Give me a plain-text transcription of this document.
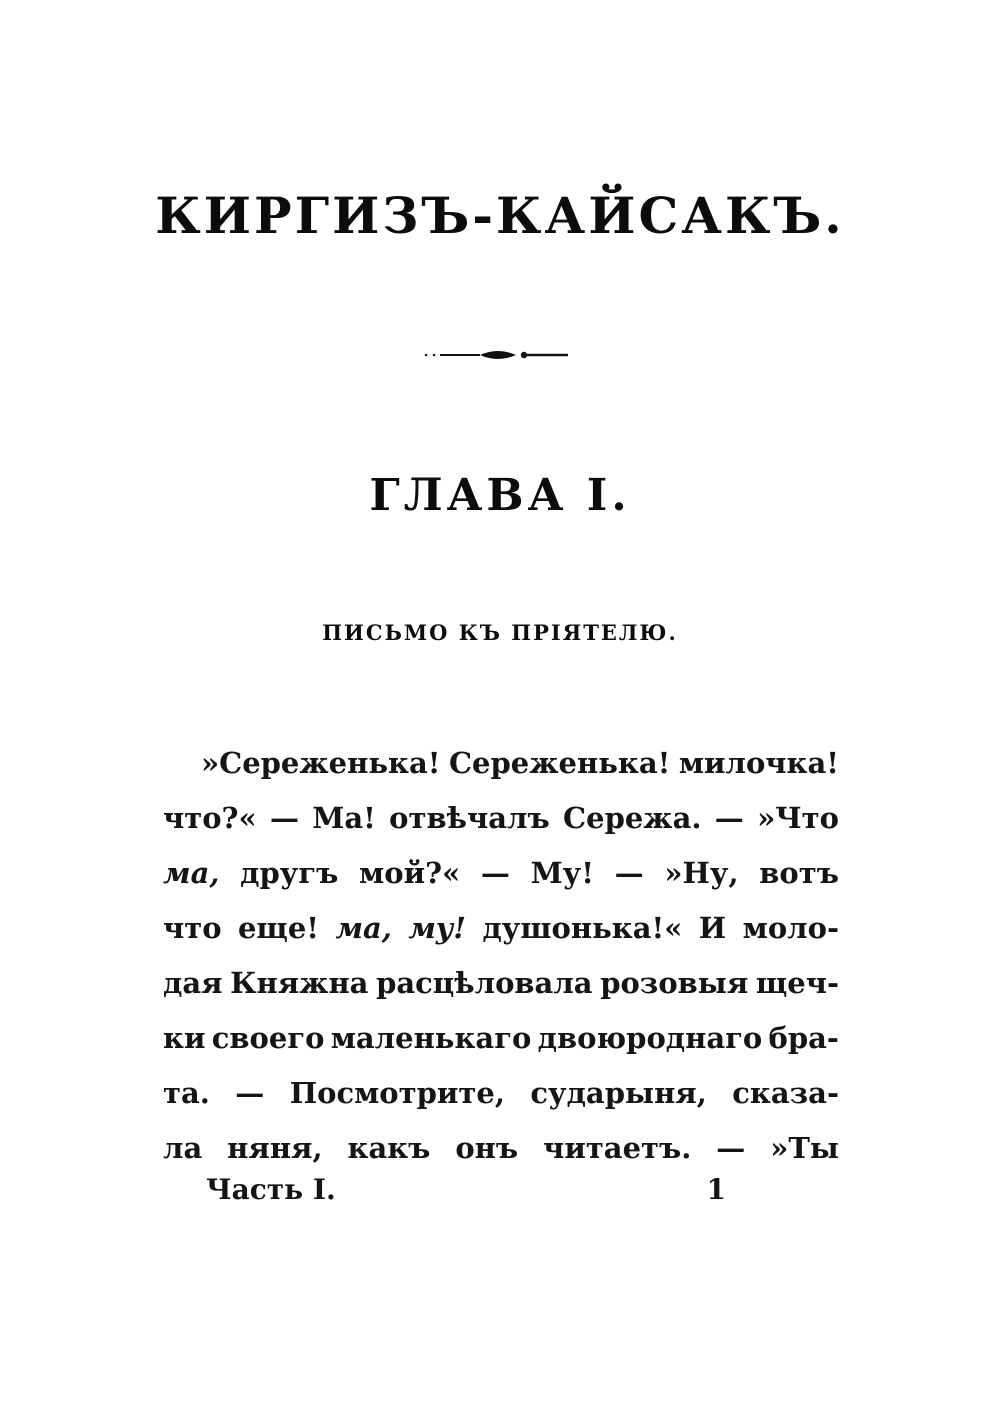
КИРГИЗЪ-КАЙСАКЪ.
ГЛАВА I.
ПИСЬМО КЪ ПРІЯТЕЛЮ.
»Сереженька! Сереженька! милочка!
что?« — Ма! отвѣчалъ Сережа. — »Что
ма, другъ мой?« — Му! — »Ну, вотъ
что еще! ма, му! душонька!« И моло-
дая Княжна расцѣловала розовыя щеч-
ки своего маленькаго двоюроднаго бра-
та. — Посмотрите, сударыня, сказа-
ла няня, какъ онъ читаетъ. — »Ты
Часть I.	1
